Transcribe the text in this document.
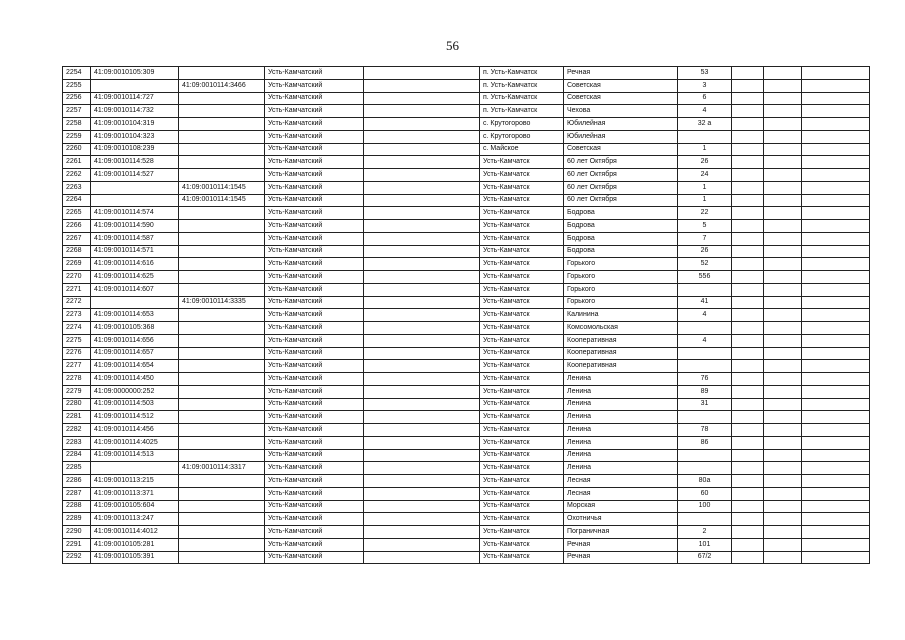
56
2254	41:09:0010105:309		Усть-Камчатский		п. Усть-Камчатск	Речная	53			
2255		41:09:0010114:3466	Усть-Камчатский		п. Усть-Камчатск	Советская	3			
2256	41:09:0010114:727		Усть-Камчатский		п. Усть-Камчатск	Советская	6			
2257	41:09:0010114:732		Усть-Камчатский		п. Усть-Камчатск	Чехова	4			
2258	41:09:0010104:319		Усть-Камчатский		с. Крутогорово	Юбилейная	32 а			
2259	41:09:0010104:323		Усть-Камчатский		с. Крутогорово	Юбилейная				
2260	41:09:0010108:239		Усть-Камчатский		с. Майское	Советская	1			
2261	41:09:0010114:528		Усть-Камчатский		Усть-Камчатск	60 лет Октября	26			
2262	41:09:0010114:527		Усть-Камчатский		Усть-Камчатск	60 лет Октября	24			
2263		41:09:0010114:1545	Усть-Камчатский		Усть-Камчатск	60 лет Октября	1			
2264		41:09:0010114:1545	Усть-Камчатский		Усть-Камчатск	60 лет Октября	1			
2265	41:09:0010114:574		Усть-Камчатский		Усть-Камчатск	Бодрова	22			
2266	41:09:0010114:590		Усть-Камчатский		Усть-Камчатск	Бодрова	5			
2267	41:09:0010114:587		Усть-Камчатский		Усть-Камчатск	Бодрова	7			
2268	41:09:0010114:571		Усть-Камчатский		Усть-Камчатск	Бодрова	26			
2269	41:09:0010114:616		Усть-Камчатский		Усть-Камчатск	Горького	52			
2270	41:09:0010114:625		Усть-Камчатский		Усть-Камчатск	Горького	556			
2271	41:09:0010114:607		Усть-Камчатский		Усть-Камчатск	Горького				
2272		41:09:0010114:3335	Усть-Камчатский		Усть-Камчатск	Горького	41			
2273	41:09:0010114:653		Усть-Камчатский		Усть-Камчатск	Калинина	4			
2274	41:09:0010105:368		Усть-Камчатский		Усть-Камчатск	Комсомольская				
2275	41:09:0010114:656		Усть-Камчатский		Усть-Камчатск	Кооперативная	4			
2276	41:09:0010114:657		Усть-Камчатский		Усть-Камчатск	Кооперативная				
2277	41:09:0010114:654		Усть-Камчатский		Усть-Камчатск	Кооперативная				
2278	41:09:0010114:450		Усть-Камчатский		Усть-Камчатск	Ленина	76			
2279	41:09:0000000:252		Усть-Камчатский		Усть-Камчатск	Ленина	89			
2280	41:09:0010114:503		Усть-Камчатский		Усть-Камчатск	Ленина	31			
2281	41:09:0010114:512		Усть-Камчатский		Усть-Камчатск	Ленина				
2282	41:09:0010114:456		Усть-Камчатский		Усть-Камчатск	Ленина	78			
2283	41:09:0010114:4025		Усть-Камчатский		Усть-Камчатск	Ленина	86			
2284	41:09:0010114:513		Усть-Камчатский		Усть-Камчатск	Ленина				
2285		41:09:0010114:3317	Усть-Камчатский		Усть-Камчатск	Ленина				
2286	41:09:0010113:215		Усть-Камчатский		Усть-Камчатск	Лесная	80а			
2287	41:09:0010113:371		Усть-Камчатский		Усть-Камчатск	Лесная	60			
2288	41:09:0010105:604		Усть-Камчатский		Усть-Камчатск	Морская	100			
2289	41:09:0010113:247		Усть-Камчатский		Усть-Камчатск	Охотничья				
2290	41:09:0010114:4012		Усть-Камчатский		Усть-Камчатск	Пограничная	2			
2291	41:09:0010105:281		Усть-Камчатский		Усть-Камчатск	Речная	101			
2292	41:09:0010105:391		Усть-Камчатский		Усть-Камчатск	Речная	67/2			
